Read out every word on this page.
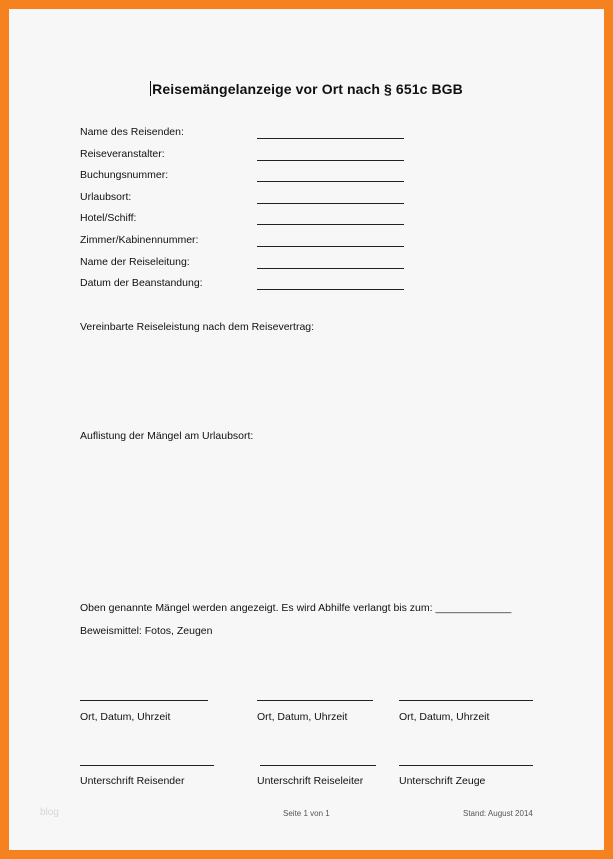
Reisemängelanzeige vor Ort nach § 651c BGB
Name des Reisenden:
Reiseveranstalter:
Buchungsnummer:
Urlaubsort:
Hotel/Schiff:
Zimmer/Kabinennummer:
Name der Reiseleitung:
Datum der Beanstandung:
Vereinbarte Reiseleistung nach dem Reisevertrag:
Auflistung der Mängel am Urlaubsort:
Oben genannte Mängel werden angezeigt. Es wird Abhilfe verlangt bis zum: _____________
Beweismittel: Fotos, Zeugen
Ort, Datum, Uhrzeit	Ort, Datum, Uhrzeit	Ort, Datum, Uhrzeit
Unterschrift Reisender	Unterschrift Reiseleiter	Unterschrift Zeuge
blog	Seite 1 von 1	Stand: August 2014
